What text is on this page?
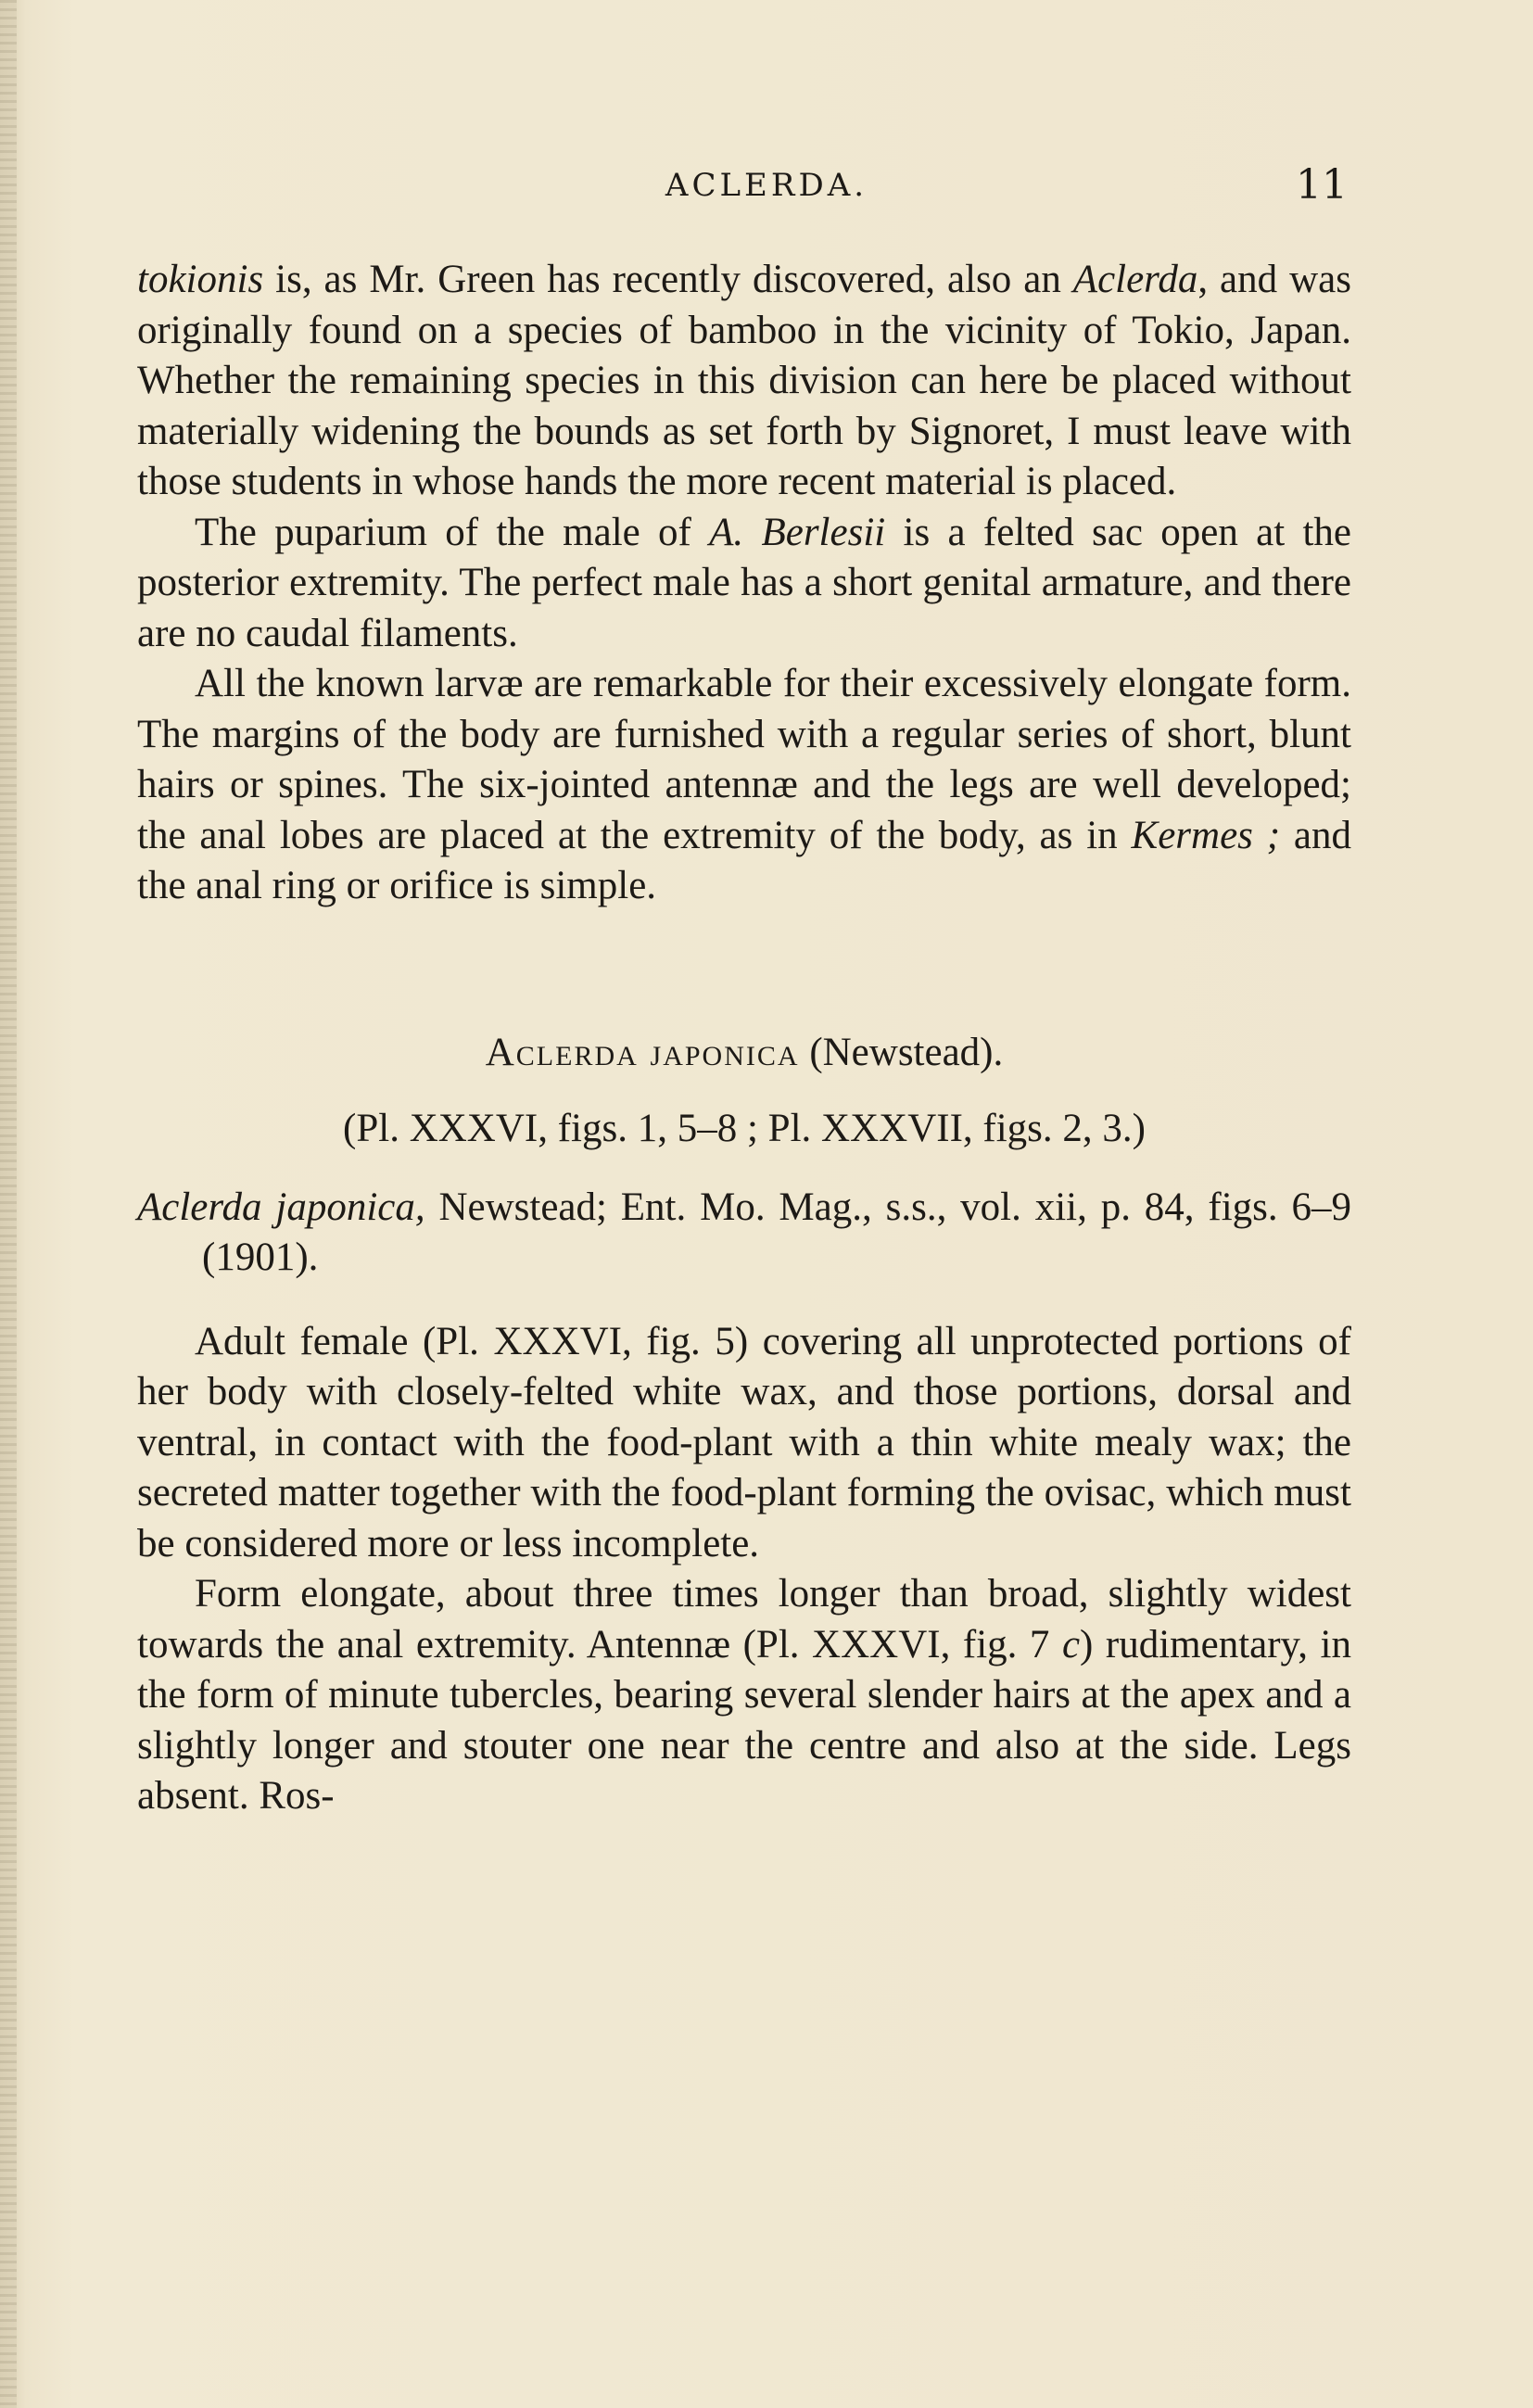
ACLERDA.	11

tokionis is, as Mr. Green has recently discovered, also an Aclerda, and was originally found on a species of bamboo in the vicinity of Tokio, Japan. Whether the remaining species in this division can here be placed without materially widening the bounds as set forth by Signoret, I must leave with those students in whose hands the more recent material is placed.

The puparium of the male of A. Berlesii is a felted sac open at the posterior extremity. The perfect male has a short genital armature, and there are no caudal filaments.

All the known larvæ are remarkable for their excessively elongate form. The margins of the body are furnished with a regular series of short, blunt hairs or spines. The six-jointed antennæ and the legs are well developed; the anal lobes are placed at the extremity of the body, as in Kermes ; and the anal ring or orifice is simple.

Aclerda japonica (Newstead).

(Pl. XXXVI, figs. 1, 5–8 ; Pl. XXXVII, figs. 2, 3.)

Aclerda japonica, Newstead; Ent. Mo. Mag., s.s., vol. xii, p. 84, figs. 6–9 (1901).

Adult female (Pl. XXXVI, fig. 5) covering all unprotected portions of her body with closely-felted white wax, and those portions, dorsal and ventral, in contact with the food-plant with a thin white mealy wax; the secreted matter together with the food-plant forming the ovisac, which must be considered more or less incomplete.

Form elongate, about three times longer than broad, slightly widest towards the anal extremity. Antennæ (Pl. XXXVI, fig. 7 c) rudimentary, in the form of minute tubercles, bearing several slender hairs at the apex and a slightly longer and stouter one near the centre and also at the side. Legs absent. Ros-
